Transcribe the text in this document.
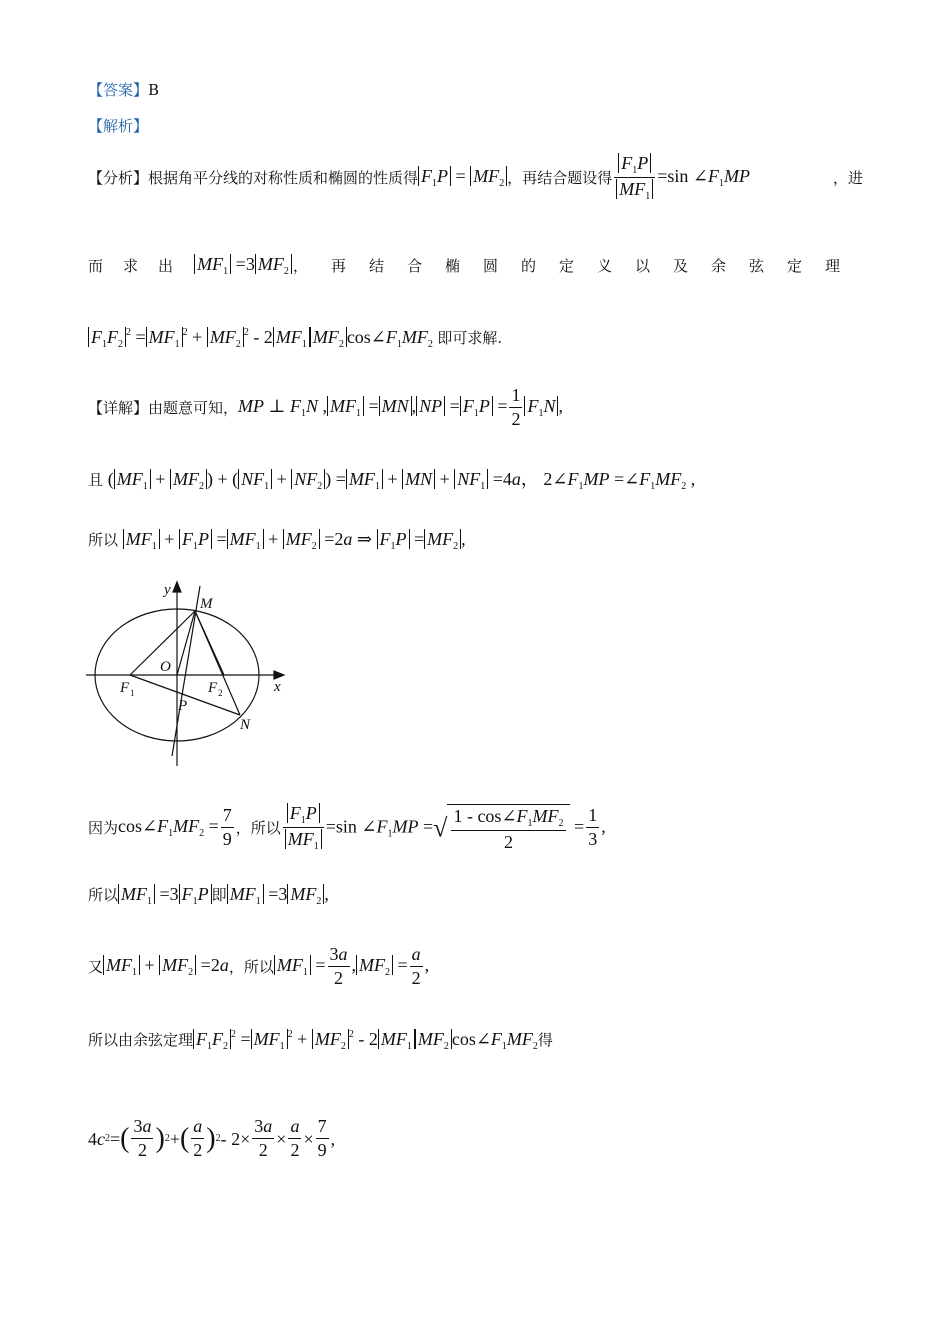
【答案】B
【解析】
【分析】 根据角平分线的对称性质和椭圆的性质得 $F_1P = MF_2$ ，再结合题设得 $\frac{F_1P}{MF_1} =\sin$ $\angle F_1MP$	，进
而求出 $MF_1 =3$ $MF_2$ ，再结合椭圆的定义以及余弦定理
$F_1F_2^2 = MF_1^2 + MF_2^2 - 2$ $MF_1$ $MF_2$ $\cos\angle F_1MF_2$ 即可求解.
【详解】 由题意可知， MP ⊥ $F_1N$ , $MF_1$ = MN , NP = $F_1P = \frac{1}{2} F_1N$ ,
且 ( $MF_1 + MF_2$ ) + ( $NF_1 + NF_2$ ) = $MF_1$ + MN + $NF_1 =4a$， $2\angle F_1MP$ $=\angle F_1MF_2$ ,
所以 $MF_1 + F_1P = MF_1 + MF_2 =2a$ ⇒ $F_1P = MF_2$ ,
y
M
O
x
F 1	F 2
P
N
因为 $\cos\angle F_1MF_2 = \frac{7}{9}$ ，所以 $\frac{F_1P}{MF_1} =\sin$ $\angle F_1MP$ =√ $\frac{1 - \cos\angle F_1MF_2}{2} = \frac{1}{3}$ ,
所以 $MF_1 =3$ $F_1P$ 即 $MF_1 =3$ $MF_2$ ,
又 $MF_1 + MF_2 =2a$ ，所以 $MF_1 = \frac{3a}{2}$ , $MF_2 = \frac{a}{2}$ ,
所以由余弦定理 $F_1F_2^2 = MF_1^2 + MF_2^2 - 2$ $MF_1$ $MF_2$ $\cos\angle F_1MF_2$得
4 c 2 = ( $\frac{3a}{2}$ ) 2 + ( $\frac{a}{2}$ ) $2 - 2\times \frac{3a}{2} \times \frac{a}{2} \times \frac{7}{9}$ ,
